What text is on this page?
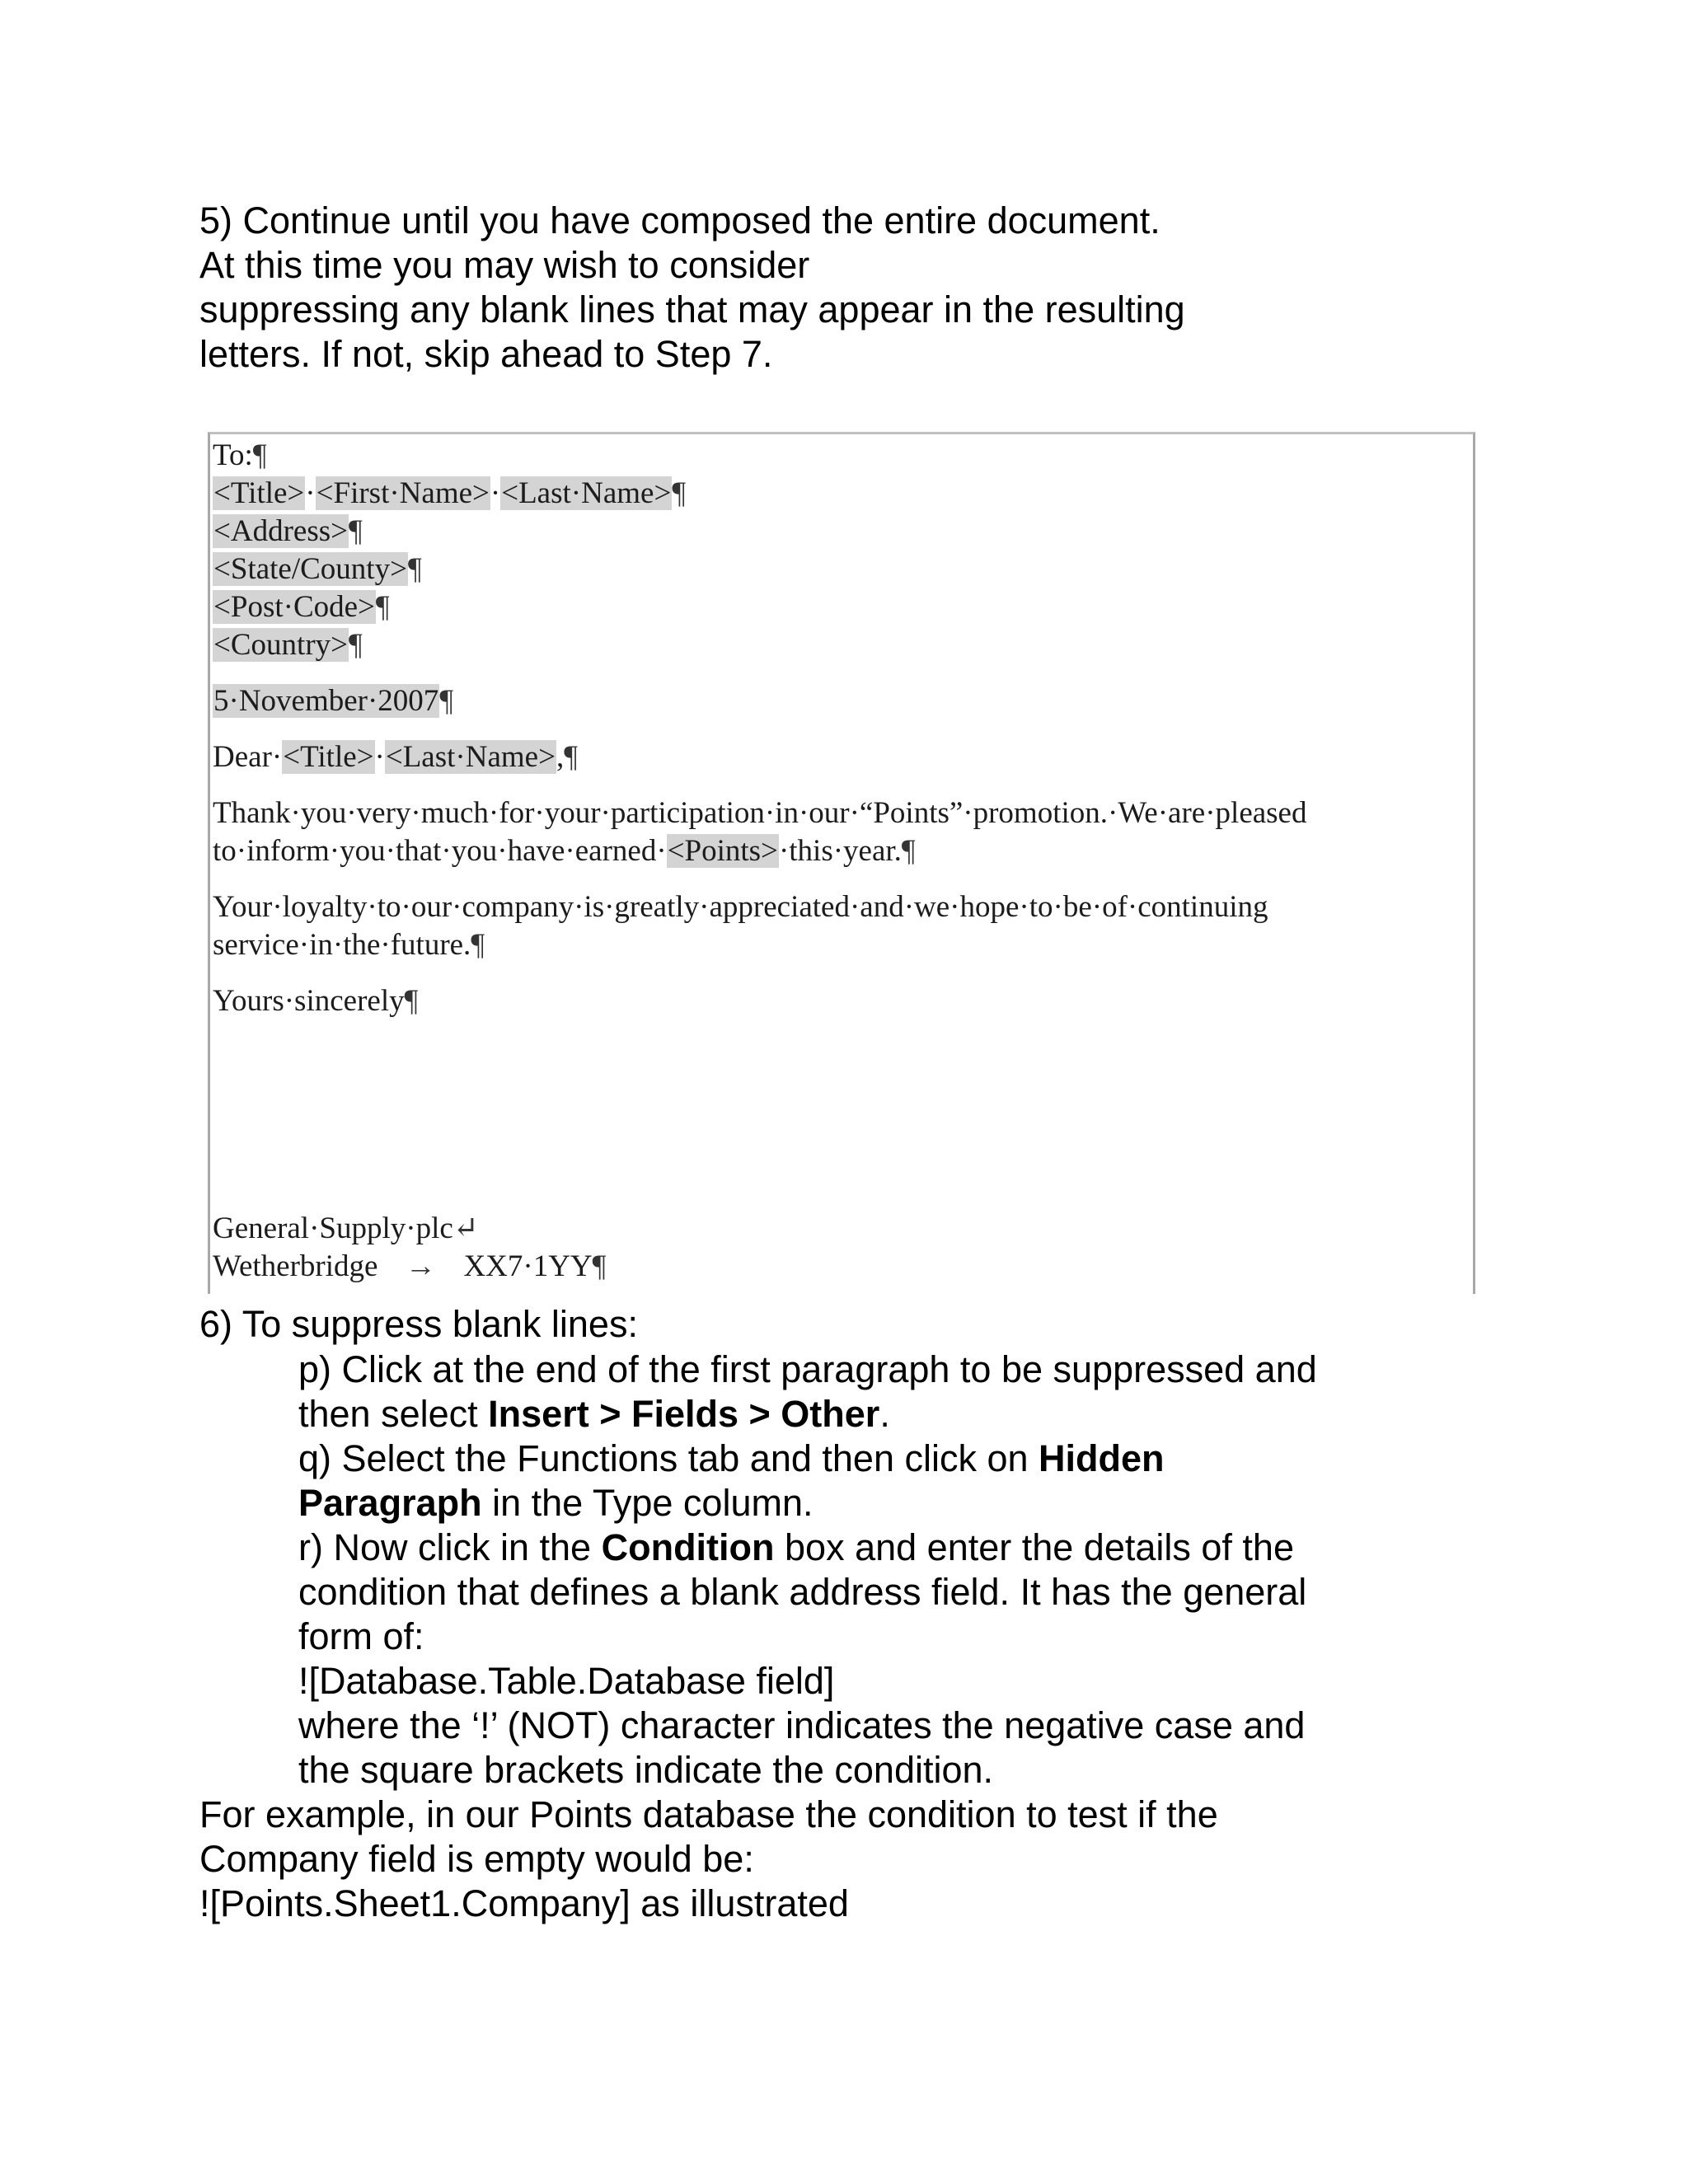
5) Continue until you have composed the entire document.
At this time you may wish to consider
suppressing any blank lines that may appear in the resulting
letters. If not, skip ahead to Step 7.
To:¶
<Title>·<First·Name>·<Last·Name>¶
<Address>¶
<State/County>¶
<Post·Code>¶
<Country>¶
5·November·2007¶
Dear·<Title>·<Last·Name>,¶
Thank·you·very·much·for·your·participation·in·our·“Points”·promotion.·We·are·pleased
to·inform·you·that·you·have·earned·<Points>·this·year.¶
Your·loyalty·to·our·company·is·greatly·appreciated·and·we·hope·to·be·of·continuing
service·in·the·future.¶
Yours·sincerely¶
General·Supply·plc↵
Wetherbridge → XX7·1YY¶
6) To suppress blank lines:
p) Click at the end of the first paragraph to be suppressed and
then select Insert > Fields > Other.
q) Select the Functions tab and then click on Hidden
Paragraph in the Type column.
r) Now click in the Condition box and enter the details of the
condition that defines a blank address field. It has the general
form of:
![Database.Table.Database field]
where the ‘!’ (NOT) character indicates the negative case and
the square brackets indicate the condition.
For example, in our Points database the condition to test if the
Company field is empty would be:
![Points.Sheet1.Company] as illustrated
